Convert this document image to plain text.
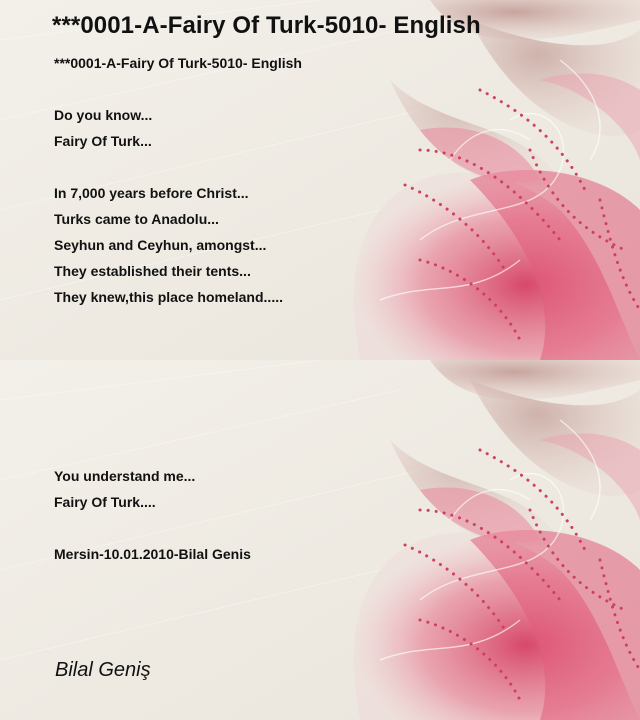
***0001-A-Fairy Of Turk-5010- English
***0001-A-Fairy Of Turk-5010- English
Do you know...
Fairy Of Turk...
In 7,000 years before Christ...
Turks came to Anadolu...
Seyhun and Ceyhun, amongst...
They established their tents...
They knew,this place homeland.....
You understand me...
Fairy Of Turk....
Mersin-10.01.2010-Bilal Genis

Bilal Geniş
